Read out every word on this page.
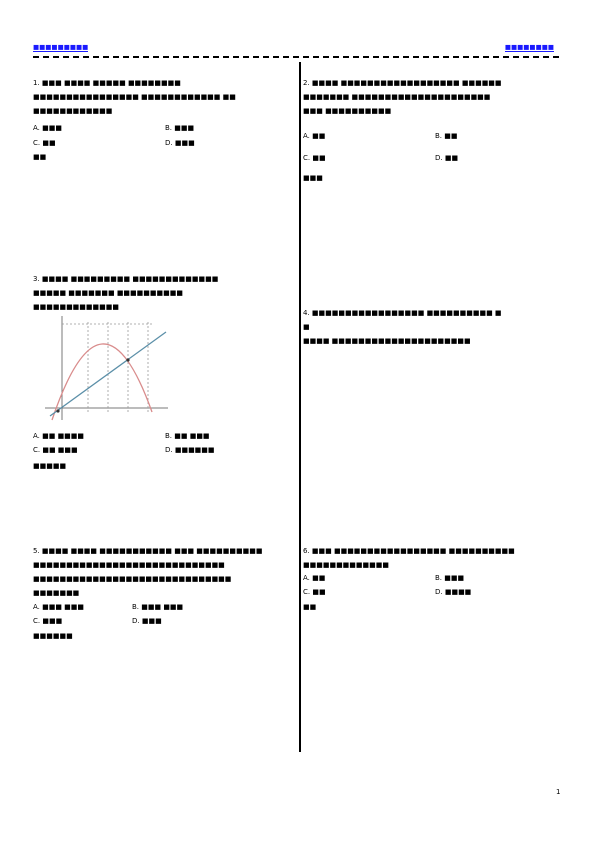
■■■■■■■■■	■■■■■■■■
1. ■■■ ■■■■ ■■■■■ ■■■■■■■■
■■■■■■■■■■■■■■■■ ■■■■■■■■■■■■ ■■
■■■■■■■■■■■■
A. ■■■	B. ■■■
C. ■■	D. ■■■
■■
2. ■■■■ ■■■■■■■■■■■■■■■■■■ ■■■■■■
■■■■■■■ ■■■■■■■■■■■■■■■■■■■■■
■■■ ■■■■■■■■■■
A. ■■	B. ■■
C. ■■	D. ■■
■■■
3. ■■■■ ■■■■■■■■■ ■■■■■■■■■■■■■
■■■■■ ■■■■■■■ ■■■■■■■■■■
■■■■■■■■■■■■■
A. ■■ ■■■■	B. ■■ ■■■
C. ■■ ■■■	D. ■■■■■■
■■■■■
4. ■■■■■■■■■■■■■■■■■ ■■■■■■■■■■ ■
■
■■■■ ■■■■■■■■■■■■■■■■■■■■■
5. ■■■■ ■■■■ ■■■■■■■■■■■ ■■■ ■■■■■■■■■■
■■■■■■■■■■■■■■■■■■■■■■■■■■■■■
■■■■■■■■■■■■■■■■■■■■■■■■■■■■■■
■■■■■■■
A. ■■■ ■■■	B. ■■■ ■■■
C. ■■■	D. ■■■
■■■■■■
6. ■■■ ■■■■■■■■■■■■■■■■■ ■■■■■■■■■■
■■■■■■■■■■■■■
A. ■■	B. ■■■
C. ■■	D. ■■■■
■■
1
